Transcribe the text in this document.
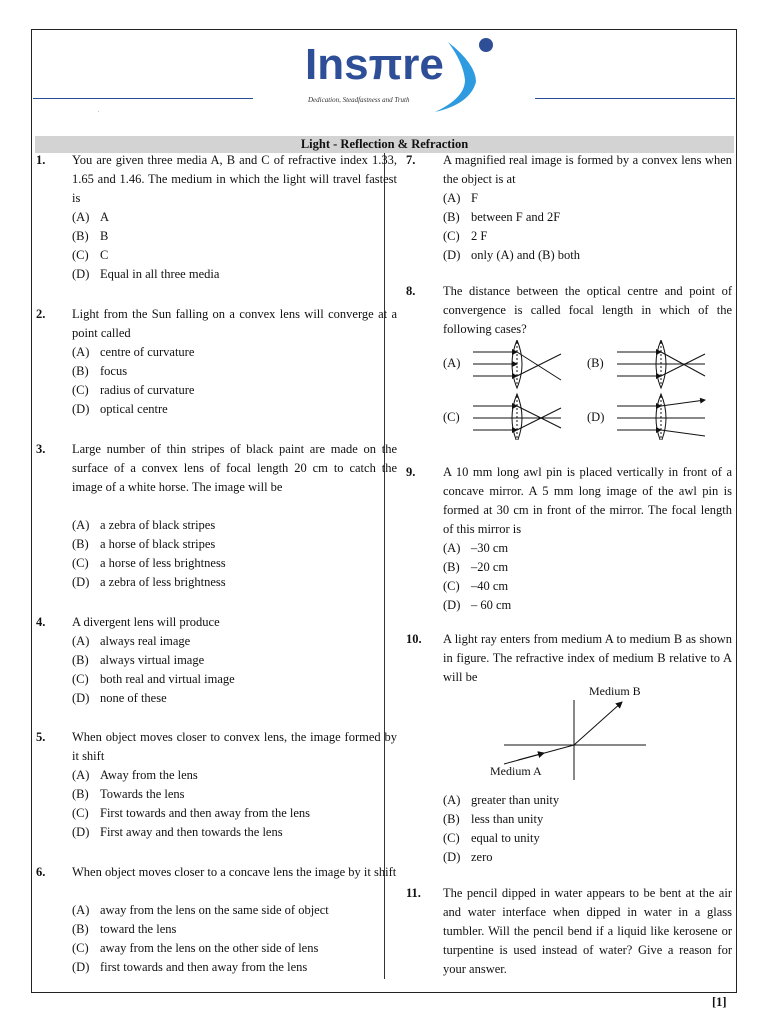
Insπre
Dedication, Steadfastness and Truth
.
Light - Reflection & Refraction
1. You are given three media A, B and C of refractive index 1.33, 1.65 and 1.46. The medium in which the light will travel fastest is
(A) A
(B) B
(C) C
(D) Equal in all three media
2. Light from the Sun falling on a convex lens will converge at a point called
(A) centre of curvature
(B) focus
(C) radius of curvature
(D) optical centre
3. Large number of thin stripes of black paint are made on the surface of a convex lens of focal length 20 cm to catch the image of a white horse. The image will be
(A) a zebra of black stripes
(B) a horse of black stripes
(C) a horse of less brightness
(D) a zebra of less brightness
4. A divergent lens will produce
(A) always real image
(B) always virtual image
(C) both real and virtual image
(D) none of these
5. When object moves closer to convex lens, the image formed by it shift
(A) Away from the lens
(B) Towards the lens
(C) First towards and then away from the lens
(D) First away and then towards the lens
6. When object moves closer to a concave lens the image by it shift
(A) away from the lens on the same side of object
(B) toward the lens
(C) away from the lens on the other side of lens
(D) first towards and then away from the lens
7. A magnified real image is formed by a convex lens when the object is at
(A) F
(B) between F and 2F
(C) 2 F
(D) only (A) and (B) both
8. The distance between the optical centre and point of convergence is called focal length in which of the following cases?
(A)	(B)
(C)	(D)
9. A 10 mm long awl pin is placed vertically in front of a concave mirror. A 5 mm long image of the awl pin is formed at 30 cm in front of the mirror. The focal length of this mirror is
(A) –30 cm
(B) –20 cm
(C) –40 cm
(D) – 60 cm
10. A light ray enters from medium A to medium B as shown in figure. The refractive index of medium B relative to A will be
Medium B
Medium A
(A) greater than unity
(B) less than unity
(C) equal to unity
(D) zero
11. The pencil dipped in water appears to be bent at the air and water interface when dipped in water in a glass tumbler. Will the pencil bend if a liquid like kerosene or turpentine is used instead of water? Give a reason for your answer.
[1]
